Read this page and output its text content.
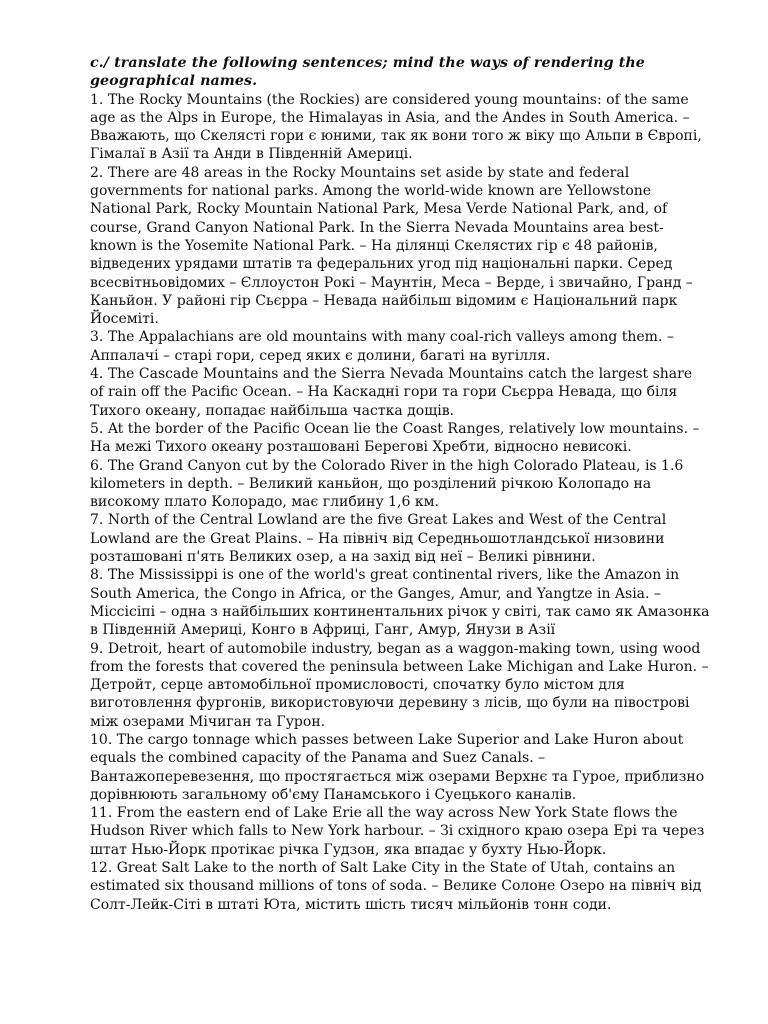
c./ translate the following sentences; mind the ways of rendering the geographical names.

1. The Rocky Mountains (the Rockies) are considered young mountains: of the same age as the Alps in Europe, the Himalayas in Asia, and the Andes in South America. – Вважають, що Скелясті гори є юними, так як вони того ж віку що Альпи в Європі, Гімалаї в Азії та Анди в Південній Америці.

2. There are 48 areas in the Rocky Mountains set aside by state and federal governments for national parks. Among the world-wide known are Yellowstone National Park, Rocky Mountain National Park, Mesa Verde National Park, and, of course, Grand Canyon National Park. In the Sierra Nevada Mountains area best-known is the Yosemite National Park. – На ділянці Скелястих гір є 48 районів, відведених урядами штатів та федеральних угод під національні парки. Серед всесвітньовідомих – Єллоустон Рокі – Маунтін, Меса – Верде, і звичайно, Гранд – Каньйон. У районі гір Сьєрра – Невада найбільш відомим є Національний парк Йосеміті.

3. The Appalachians are old mountains with many coal-rich valleys among them. – Аппалачі – старі гори, серед яких є долини, багаті на вугілля.

4. The Cascade Mountains and the Sierra Nevada Mountains catch the largest share of rain off the Pacific Ocean. – На Каскадні гори та гори Сьєрра Невада, що біля Тихого океану, попадає найбільша частка дощів.

5. At the border of the Pacific Ocean lie the Coast Ranges, relatively low mountains. – На межі Тихого океану розташовані Берегові Хребти, відносно невисокі.

6. The Grand Canyon cut by the Colorado River in the high Colorado Plateau, is 1.6 kilometers in depth. – Великий каньйон, що розділений річкою Колопадо на високому плато Колорадо, має глибину 1,6 км.

7. North of the Central Lowland are the five Great Lakes and West of the Central Lowland are the Great Plains. – На північ від Середньошотландської низовини розташовані п'ять Великих озер, а на захід від неї – Великі рівнини.

8. The Mississippi is one of the world's great continental rivers, like the Amazon in South America, the Congo in Africa, or the Ganges, Amur, and Yangtze in Asia. – Міссісіпі – одна з найбільших континентальних річок у світі, так само як Амазонка в Південній Америці, Конго в Африці, Ганг, Амур, Янузи в Азії

9. Detroit, heart of automobile industry, began as a waggon-making town, using wood from the forests that covered the peninsula between Lake Michigan and Lake Huron. – Детройт, серце автомобільної промисловості, спочатку було містом для виготовлення фургонів, використовуючи деревину з лісів, що були на півострові між озерами Мічиган та Гурон.

10. The cargo tonnage which passes between Lake Superior and Lake Huron about equals the combined capacity of the Panama and Suez Canals. – Вантажоперевезення, що простягається між озерами Верхнє та Гурое, приблизно дорівнюють загальному об'єму Панамського і Суецького каналів.

11. From the eastern end of Lake Erie all the way across New York State flows the Hudson River which falls to New York harbour. – Зі східного краю озера Ері та через штат Нью-Йорк протікає річка Гудзон, яка впадає у бухту Нью-Йорк.

12. Great Salt Lake to the north of Salt Lake City in the State of Utah, contains an estimated six thousand millions of tons of soda. – Велике Солоне Озеро на північ від Солт-Лейк-Сіті в штаті Юта, містить шість тисяч мільйонів тонн соди.
